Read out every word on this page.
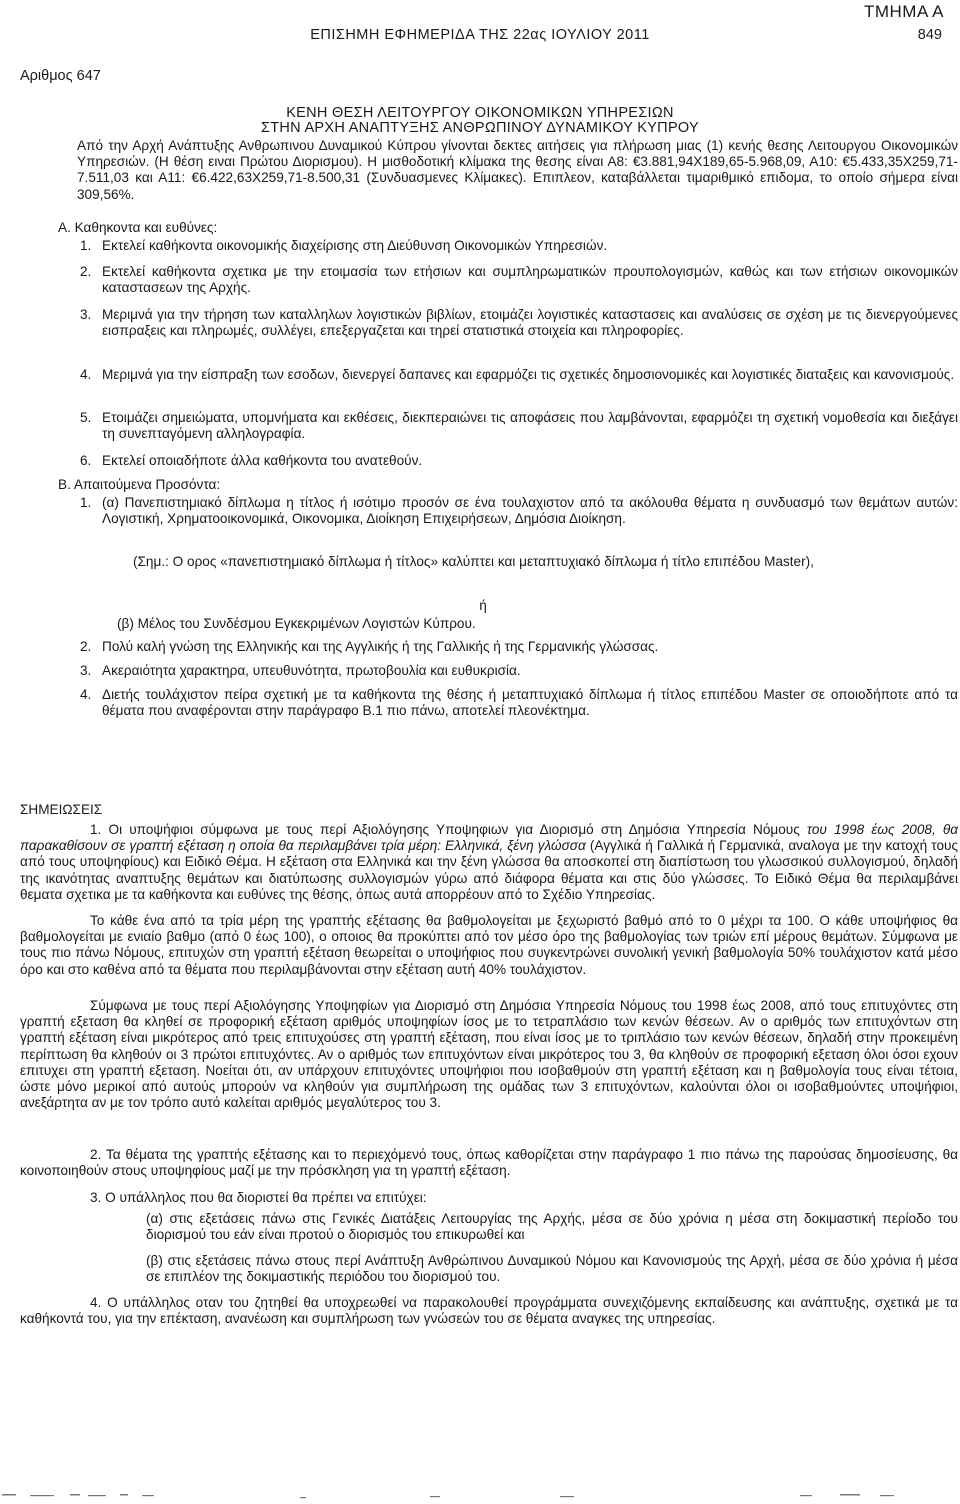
ΤΜΗΜΑ Α
ΕΠΙΣΗΜΗ ΕΦΗΜΕΡΙΔΑ ΤΗΣ 22ας ΙΟΥΛΙΟΥ 2011	849
Αριθμος 647
ΚΕΝΗ ΘΕΣΗ ΛΕΙΤΟΥΡΓΟΥ ΟΙΚΟΝΟΜΙΚΩΝ ΥΠΗΡΕΣΙΩΝ
ΣΤΗΝ ΑΡΧΗ ΑΝΑΠΤΥΞΗΣ ΑΝΘΡΩΠΙΝΟΥ ΔΥΝΑΜΙΚΟΥ ΚΥΠΡΟΥ
Από την Αρχή Ανάπτυξης Ανθρωπινου Δυναμικού Κύπρου γίνονται δεκτες αιτήσεις για πλήρωση μιας (1) κενής θεσης Λειτουργου Οικονομικών Υπηρεσιών. (Η θέση ειναι Πρώτου Διορισμου). Η μισθοδοτική κλίμακα της θεσης είναι Α8: €3.881,94Χ189,65-5.968,09, Α10: €5.433,35Χ259,71-7.511,03 και Α11: €6.422,63Χ259,71-8.500,31 (Συνδυασμενες Κλίμακες). Επιπλεον, καταβάλλεται τιμαριθμικό επιδομα, το οποίο σήμερα είναι 309,56%.
Α. Καθηκοντα και ευθύνες:
1. Εκτελεί καθήκοντα οικονομικής διαχείρισης στη Διεύθυνση Οικονομικών Υπηρεσιών.
2. Εκτελεί καθήκοντα σχετικα με την ετοιμασία των ετήσιων και συμπληρωματικών προυπολογισμών, καθώς και των ετήσιων οικονομικών καταστασεων της Αρχής.
3. Μεριμνά για την τήρηση των καταλληλων λογιστικών βιβλίων, ετοιμάζει λογιστικές καταστασεις και αναλύσεις σε σχέση με τις διενεργούμενες εισπραξεις και πληρωμές, συλλέγει, επεξεργαζεται και τηρεί στατιστικά στοιχεία και πληροφορίες.
4. Μεριμνά για την είσπραξη των εσοδων, διενεργεί δαπανες και εφαρμόζει τις σχετικές δημοσιονομικές και λογιστικές διαταξεις και κανονισμούς.
5. Ετοιμάζει σημειώματα, υπομνήματα και εκθέσεις, διεκπεραιώνει τις αποφάσεις που λαμβάνονται, εφαρμόζει τη σχετική νομοθεσία και διεξάγει τη συνεπταγόμενη αλληλογραφία.
6. Εκτελεί οποιαδήποτε άλλα καθήκοντα του ανατεθούν.
Β. Απαιτούμενα Προσόντα:
1. (α) Πανεπιστημιακό δίπλωμα η τίτλος ή ισότιμο προσόν σε ένα τουλαχιστον από τα ακόλουθα θέματα η συνδυασμό των θεμάτων αυτών: Λογιστική, Χρηματοοικονομικά, Οικονομικα, Διοίκηση Επιχειρήσεων, Δημόσια Διοίκηση.
(Σημ.: Ο ορος «πανεπιστημιακό δίπλωμα ή τίτλος» καλύπτει και μεταπτυχιακό δίπλωμα ή τίτλο επιπέδου Master),
ή
(β) Μέλος του Συνδέσμου Εγκεκριμένων Λογιστών Κύπρου.
2. Πολύ καλή γνώση της Ελληνικής και της Αγγλικής ή της Γαλλικής ή της Γερμανικής γλώσσας.
3. Ακεραιότητα χαρακτηρα, υπευθυνότητα, πρωτοβουλία και ευθυκρισία.
4. Διετής τουλάχιστον πείρα σχετική με τα καθήκοντα της θέσης ή μεταπτυχιακό δίπλωμα ή τίτλος επιπέδου Master σε οποιοδήποτε από τα θέματα που αναφέρονται στην παράγραφο Β.1 πιο πάνω, αποτελεί πλεονέκτημα.
ΣΗΜΕΙΩΣΕΙΣ
1. Οι υποψήφιοι σύμφωνα με τους περί Αξιολόγησης Υποψηφιων για Διορισμό στη Δημόσια Υπηρεσία Νόμους του 1998 έως 2008, θα παρακαθίσουν σε γραπτή εξέταση η οποία θα περιλαμβάνει τρία μέρη: Ελληνικά, ξένη γλώσσα (Αγγλικά ή Γαλλικά ή Γερμανικά, αναλογα με την κατοχή τους από τους υποψηφίους) και Ειδικό Θέμα. Η εξέταση στα Ελληνικά και την ξένη γλώσσα θα αποσκοπεί στη διαπίστωση του γλωσσικού συλλογισμού, δηλαδή της ικανότητας αναπτυξης θεμάτων και διατύπωσης συλλογισμών γύρω από διάφορα θέματα και στις δύο γλώσσες. Το Ειδικό Θέμα θα περιλαμβάνει θεματα σχετικα με τα καθήκοντα και ευθύνες της θέσης, όπως αυτά απορρέουν από το Σχέδιο Υπηρεσίας.
Το κάθε ένα από τα τρία μέρη της γραπτής εξέτασης θα βαθμολογείται με ξεχωριστό βαθμό από το 0 μέχρι τα 100. Ο κάθε υποψήφιος θα βαθμολογείται με ενιαίο βαθμο (από 0 έως 100), ο οποιος θα προκύπτει από τον μέσο όρο της βαθμολογίας των τριών επί μέρους θεμάτων. Σύμφωνα με τους πιο πάνω Νόμους, επιτυχών στη γραπτή εξέταση θεωρείται ο υποψήφιος που συγκεντρώνει συνολική γενική βαθμολογία 50% τουλάχιστον κατά μέσο όρο και στο καθένα από τα θέματα που περιλαμβάνονται στην εξέταση αυτή 40% τουλάχιστον.
Σύμφωνα με τους περί Αξιολόγησης Υποψηφίων για Διορισμό στη Δημόσια Υπηρεσία Νόμους του 1998 έως 2008, από τους επιτυχόντες στη γραπτή εξεταση θα κληθεί σε προφορική εξέταση αριθμός υποψηφίων ίσος με το τετραπλάσιο των κενών θέσεων. Αν ο αριθμός των επιτυχόντων στη γραπτή εξέταση είναι μικρότερος από τρεις επιτυχούσες στη γραπτή εξέταση, που είναι ίσος με το τριπλάσιο των κενών θέσεων, δηλαδή στην προκειμένη περίπτωση θα κληθούν οι 3 πρώτοι επιτυχόντες. Αν ο αριθμός των επιτυχόντων είναι μικρότερος του 3, θα κληθούν σε προφορική εξεταση όλοι όσοι εχουν επιτυχει στη γραπτή εξεταση. Νοείται ότι, αν υπάρχουν επιτυχόντες υποψήφιοι που ισοβαθμούν στη γραπτή εξέταση και η βαθμολογία τους είναι τέτοια, ώστε μόνο μερικοί από αυτούς μπορούν να κληθούν για συμπλήρωση της ομάδας των 3 επιτυχόντων, καλούνται όλοι οι ισοβαθμούντες υποψήφιοι, ανεξάρτητα αν με τον τρόπο αυτό καλείται αριθμός μεγαλύτερος του 3.
2. Τα θέματα της γραπτής εξέτασης και το περιεχόμενό τους, όπως καθορίζεται στην παράγραφο 1 πιο πάνω της παρούσας δημοσίευσης, θα κοινοποιηθούν στους υποψηφίους μαζί με την πρόσκληση για τη γραπτή εξέταση.
3. Ο υπάλληλος που θα διοριστεί θα πρέπει να επιτύχει:
(α) στις εξετάσεις πάνω στις Γενικές Διατάξεις Λειτουργίας της Αρχής, μέσα σε δύο χρόνια η μέσα στη δοκιμαστική περίοδο του διορισμού του εάν είναι προτού ο διορισμός του επικυρωθεί και
(β) στις εξετάσεις πάνω στους περί Ανάπτυξη Ανθρώπινου Δυναμικού Νόμου και Κανονισμούς της Αρχή, μέσα σε δύο χρόνια ή μέσα σε επιπλέον της δοκιμαστικής περιόδου του διορισμού του.
4. Ο υπάλληλος οταν του ζητηθεί θα υποχρεωθεί να παρακολουθεί προγράμματα συνεχιζόμενης εκπαίδευσης και ανάπτυξης, σχετικά με τα καθήκοντά του, για την επέκταση, ανανέωση και συμπλήρωση των γνώσεών του σε θέματα αναγκες της υπηρεσίας.
